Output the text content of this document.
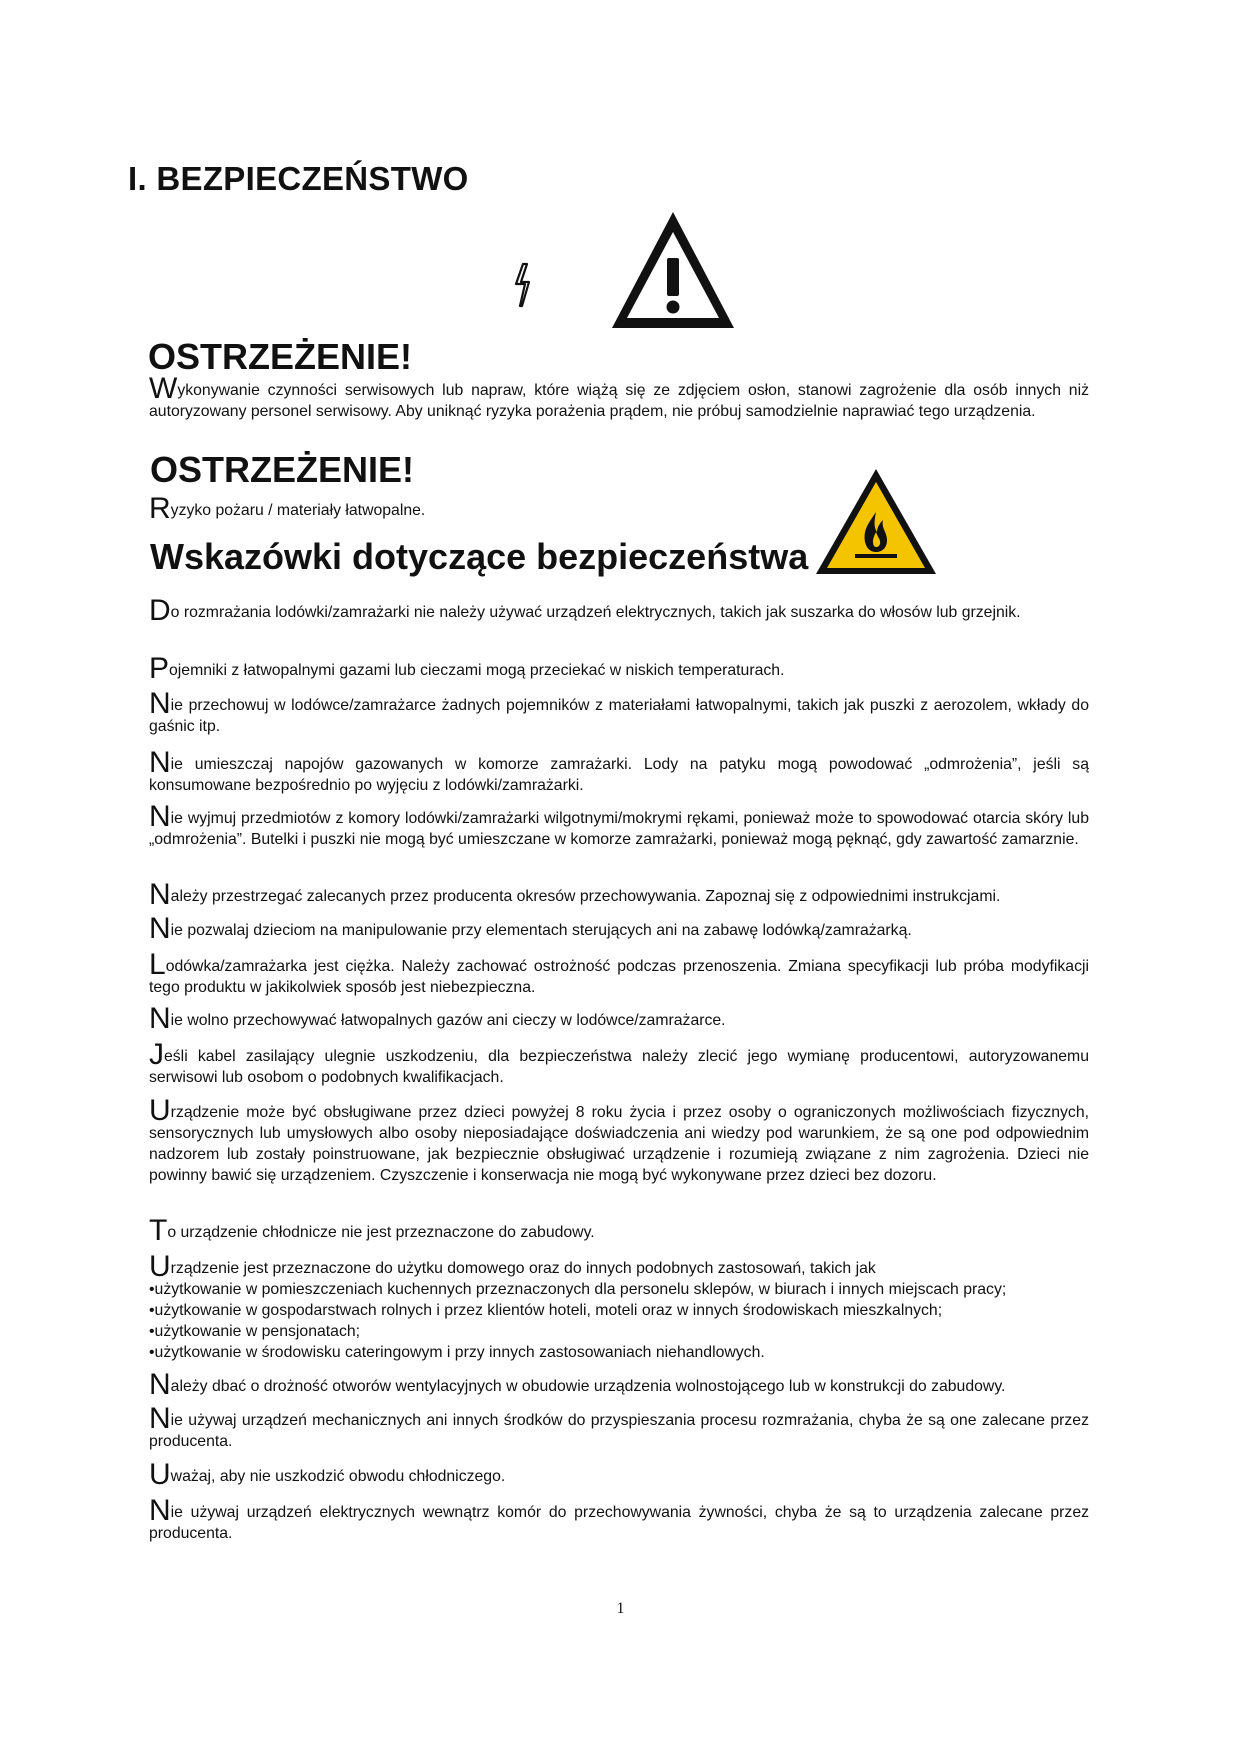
I. BEZPIECZEŃSTWO
OSTRZEŻENIE!
Wykonywanie czynności serwisowych lub napraw, które wiążą się ze zdjęciem osłon, stanowi zagrożenie dla osób innych niż autoryzowany personel serwisowy. Aby uniknąć ryzyka porażenia prądem, nie próbuj samodzielnie naprawiać tego urządzenia.
OSTRZEŻENIE!
Ryzyko pożaru / materiały łatwopalne.
Wskazówki dotyczące bezpieczeństwa
Do rozmrażania lodówki/zamrażarki nie należy używać urządzeń elektrycznych, takich jak suszarka do włosów lub grzejnik.
Pojemniki z łatwopalnymi gazami lub cieczami mogą przeciekać w niskich temperaturach.
Nie przechowuj w lodówce/zamrażarce żadnych pojemników z materiałami łatwopalnymi, takich jak puszki z aerozolem, wkłady do gaśnic itp.
Nie umieszczaj napojów gazowanych w komorze zamrażarki. Lody na patyku mogą powodować „odmrożenia”, jeśli są konsumowane bezpośrednio po wyjęciu z lodówki/zamrażarki.
Nie wyjmuj przedmiotów z komory lodówki/zamrażarki wilgotnymi/mokrymi rękami, ponieważ może to spowodować otarcia skóry lub „odmrożenia”. Butelki i puszki nie mogą być umieszczane w komorze zamrażarki, ponieważ mogą pęknąć, gdy zawartość zamarznie.
Należy przestrzegać zalecanych przez producenta okresów przechowywania. Zapoznaj się z odpowiednimi instrukcjami.
Nie pozwalaj dzieciom na manipulowanie przy elementach sterujących ani na zabawę lodówką/zamrażarką.
Lodówka/zamrażarka jest ciężka. Należy zachować ostrożność podczas przenoszenia. Zmiana specyfikacji lub próba modyfikacji tego produktu w jakikolwiek sposób jest niebezpieczna.
Nie wolno przechowywać łatwopalnych gazów ani cieczy w lodówce/zamrażarce.
Jeśli kabel zasilający ulegnie uszkodzeniu, dla bezpieczeństwa należy zlecić jego wymianę producentowi, autoryzowanemu serwisowi lub osobom o podobnych kwalifikacjach.
Urządzenie może być obsługiwane przez dzieci powyżej 8 roku życia i przez osoby o ograniczonych możliwościach fizycznych, sensorycznych lub umysłowych albo osoby nieposiadające doświadczenia ani wiedzy pod warunkiem, że są one pod odpowiednim nadzorem lub zostały poinstruowane, jak bezpiecznie obsługiwać urządzenie i rozumieją związane z nim zagrożenia. Dzieci nie powinny bawić się urządzeniem. Czyszczenie i konserwacja nie mogą być wykonywane przez dzieci bez dozoru.
To urządzenie chłodnicze nie jest przeznaczone do zabudowy.
Urządzenie jest przeznaczone do użytku domowego oraz do innych podobnych zastosowań, takich jak
• użytkowanie w pomieszczeniach kuchennych przeznaczonych dla personelu sklepów, w biurach i innych miejscach pracy;
• użytkowanie w gospodarstwach rolnych i przez klientów hoteli, moteli oraz w innych środowiskach mieszkalnych;
• użytkowanie w pensjonatach;
• użytkowanie w środowisku cateringowym i przy innych zastosowaniach niehandlowych.
Należy dbać o drożność otworów wentylacyjnych w obudowie urządzenia wolnostojącego lub w konstrukcji do zabudowy.
Nie używaj urządzeń mechanicznych ani innych środków do przyspieszania procesu rozmrażania, chyba że są one zalecane przez producenta.
Uważaj, aby nie uszkodzić obwodu chłodniczego.
Nie używaj urządzeń elektrycznych wewnątrz komór do przechowywania żywności, chyba że są to urządzenia zalecane przez producenta.
1
